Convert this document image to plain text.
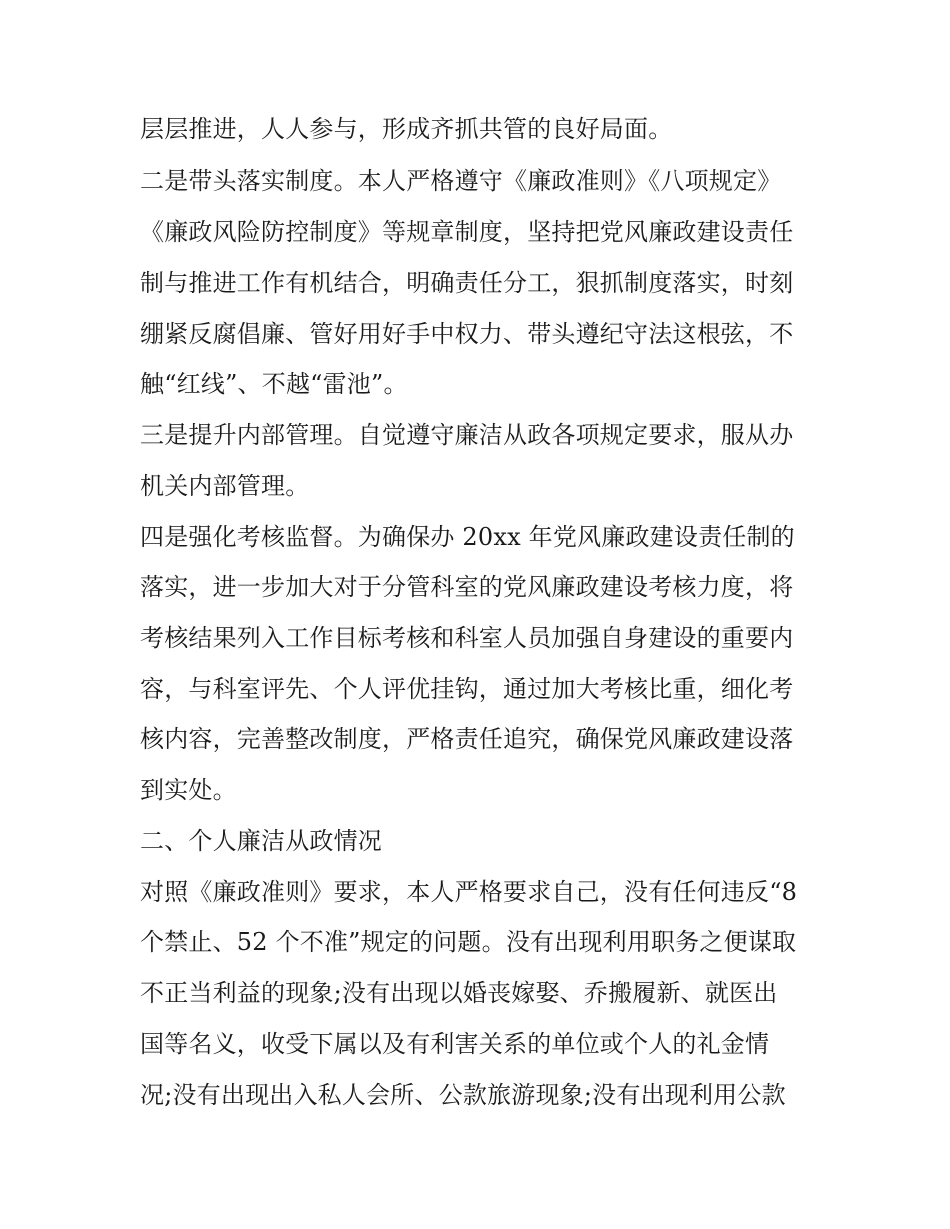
层层推进，人人参与，形成齐抓共管的良好局面。
二是带头落实制度。本人严格遵守《廉政准则》《八项规定》
《廉政风险防控制度》等规章制度，坚持把党风廉政建设责任
制与推进工作有机结合，明确责任分工，狠抓制度落实，时刻
绷紧反腐倡廉、管好用好手中权力、带头遵纪守法这根弦，不
触“红线”、不越“雷池”。
三是提升内部管理。自觉遵守廉洁从政各项规定要求，服从办
机关内部管理。
四是强化考核监督。为确保办 20xx 年党风廉政建设责任制的
落实，进一步加大对于分管科室的党风廉政建设考核力度，将
考核结果列入工作目标考核和科室人员加强自身建设的重要内
容，与科室评先、个人评优挂钩，通过加大考核比重，细化考
核内容，完善整改制度，严格责任追究，确保党风廉政建设落
到实处。
二、个人廉洁从政情况
对照《廉政准则》要求，本人严格要求自己，没有任何违反“8
个禁止、52 个不准”规定的问题。没有出现利用职务之便谋取
不正当利益的现象;没有出现以婚丧嫁娶、乔搬履新、就医出
国等名义，收受下属以及有利害关系的单位或个人的礼金情
况;没有出现出入私人会所、公款旅游现象;没有出现利用公款
